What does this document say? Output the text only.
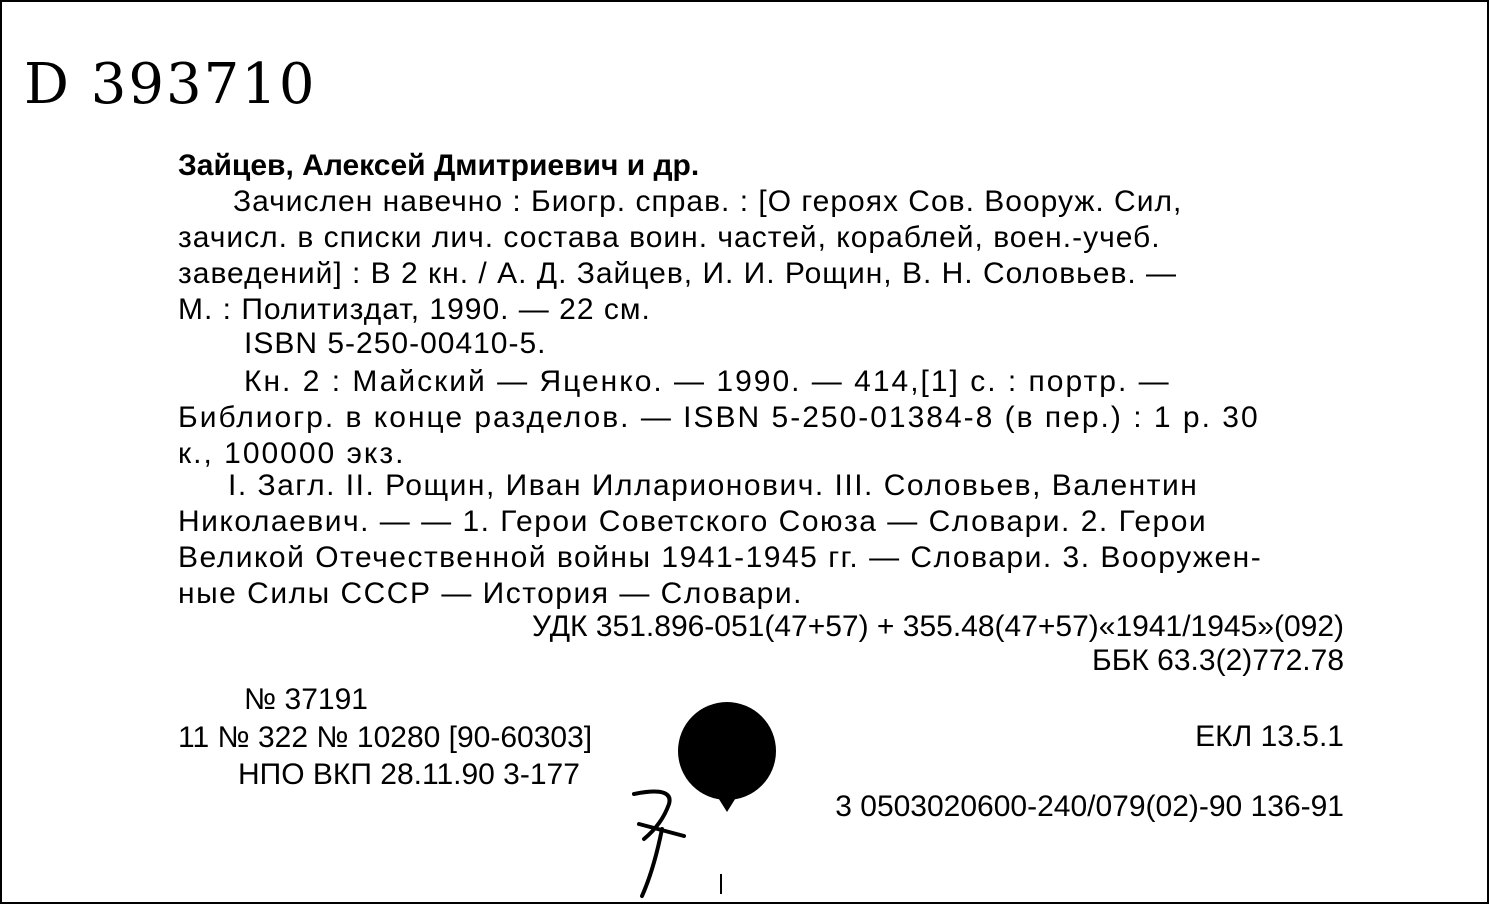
D 393710
Зайцев, Алексей Дмитриевич и др.
Зачислен навечно : Биогр. справ. : [О героях Сов. Вооруж. Сил,
зачисл. в списки лич. состава воин. частей, кораблей, воен.-учеб.
заведений] : В 2 кн. / А. Д. Зайцев, И. И. Рощин, В. Н. Соловьев. —
М. : Политиздат, 1990. — 22 см.
ISBN 5-250-00410-5.
Кн. 2 : Майский — Яценко. — 1990. — 414,[1] с. : портр. —
Библиогр. в конце разделов. — ISBN 5-250-01384-8 (в пер.) : 1 р. 30
к., 100000 экз.
I. Загл. II. Рощин, Иван Илларионович. III. Соловьев, Валентин
Николаевич. — — 1. Герои Советского Союза — Словари. 2. Герои
Великой Отечественной войны 1941-1945 гг. — Словари. 3. Вооружен-
ные Силы СССР — История — Словари.
УДК 351.896-051(47+57) + 355.48(47+57)«1941/1945»(092)
ББК 63.3(2)772.78
№ 37191
11 № 322 № 10280 [90-60303]
НПО ВКП 28.11.90 3-177
ЕКЛ 13.5.1
3 0503020600-240/079(02)-90 136-91
